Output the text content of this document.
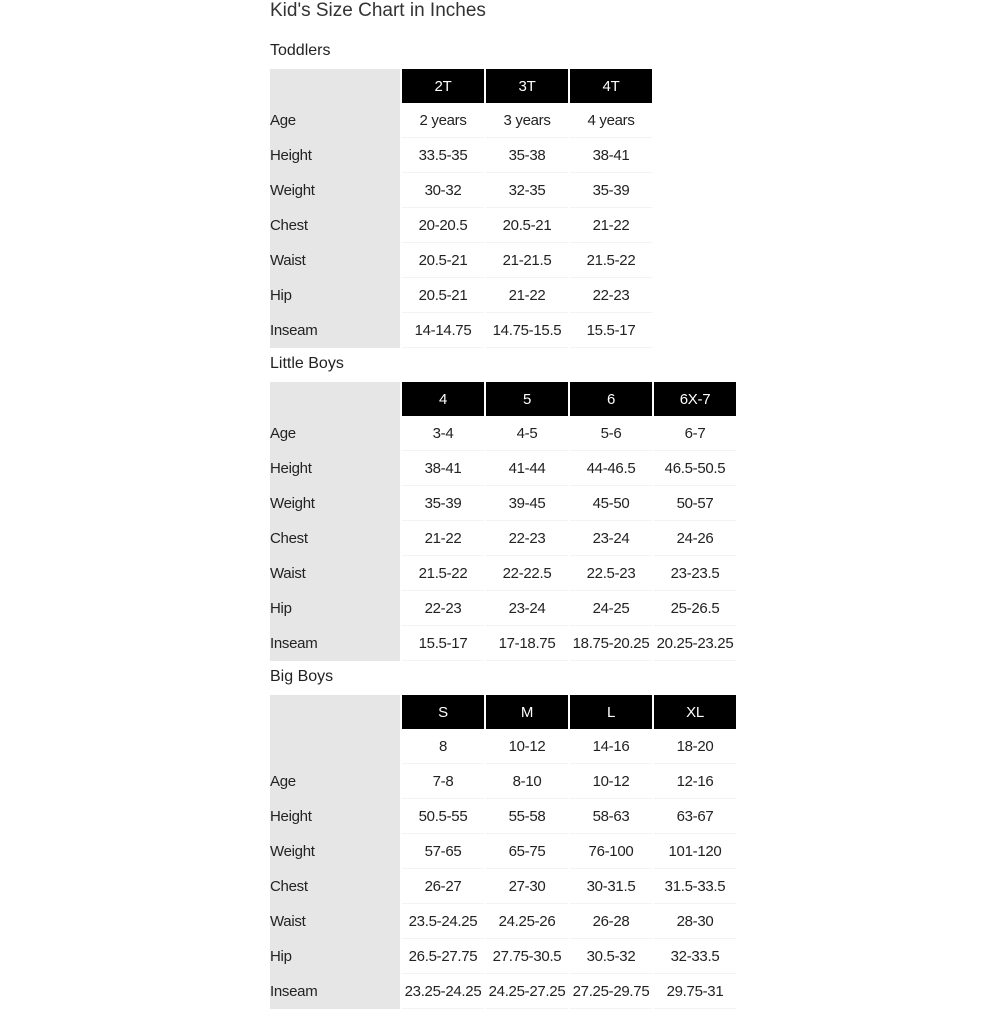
Kid's Size Chart in Inches
Toddlers
	2T	3T	4T
Age	2 years	3 years	4 years
Height	33.5-35	35-38	38-41
Weight	30-32	32-35	35-39
Chest	20-20.5	20.5-21	21-22
Waist	20.5-21	21-21.5	21.5-22
Hip	20.5-21	21-22	22-23
Inseam	14-14.75	14.75-15.5	15.5-17
Little Boys
	4	5	6	6X-7
Age	3-4	4-5	5-6	6-7
Height	38-41	41-44	44-46.5	46.5-50.5
Weight	35-39	39-45	45-50	50-57
Chest	21-22	22-23	23-24	24-26
Waist	21.5-22	22-22.5	22.5-23	23-23.5
Hip	22-23	23-24	24-25	25-26.5
Inseam	15.5-17	17-18.75	18.75-20.25	20.25-23.25
Big Boys
	S	M	L	XL
	8	10-12	14-16	18-20
Age	7-8	8-10	10-12	12-16
Height	50.5-55	55-58	58-63	63-67
Weight	57-65	65-75	76-100	101-120
Chest	26-27	27-30	30-31.5	31.5-33.5
Waist	23.5-24.25	24.25-26	26-28	28-30
Hip	26.5-27.75	27.75-30.5	30.5-32	32-33.5
Inseam	23.25-24.25	24.25-27.25	27.25-29.75	29.75-31
